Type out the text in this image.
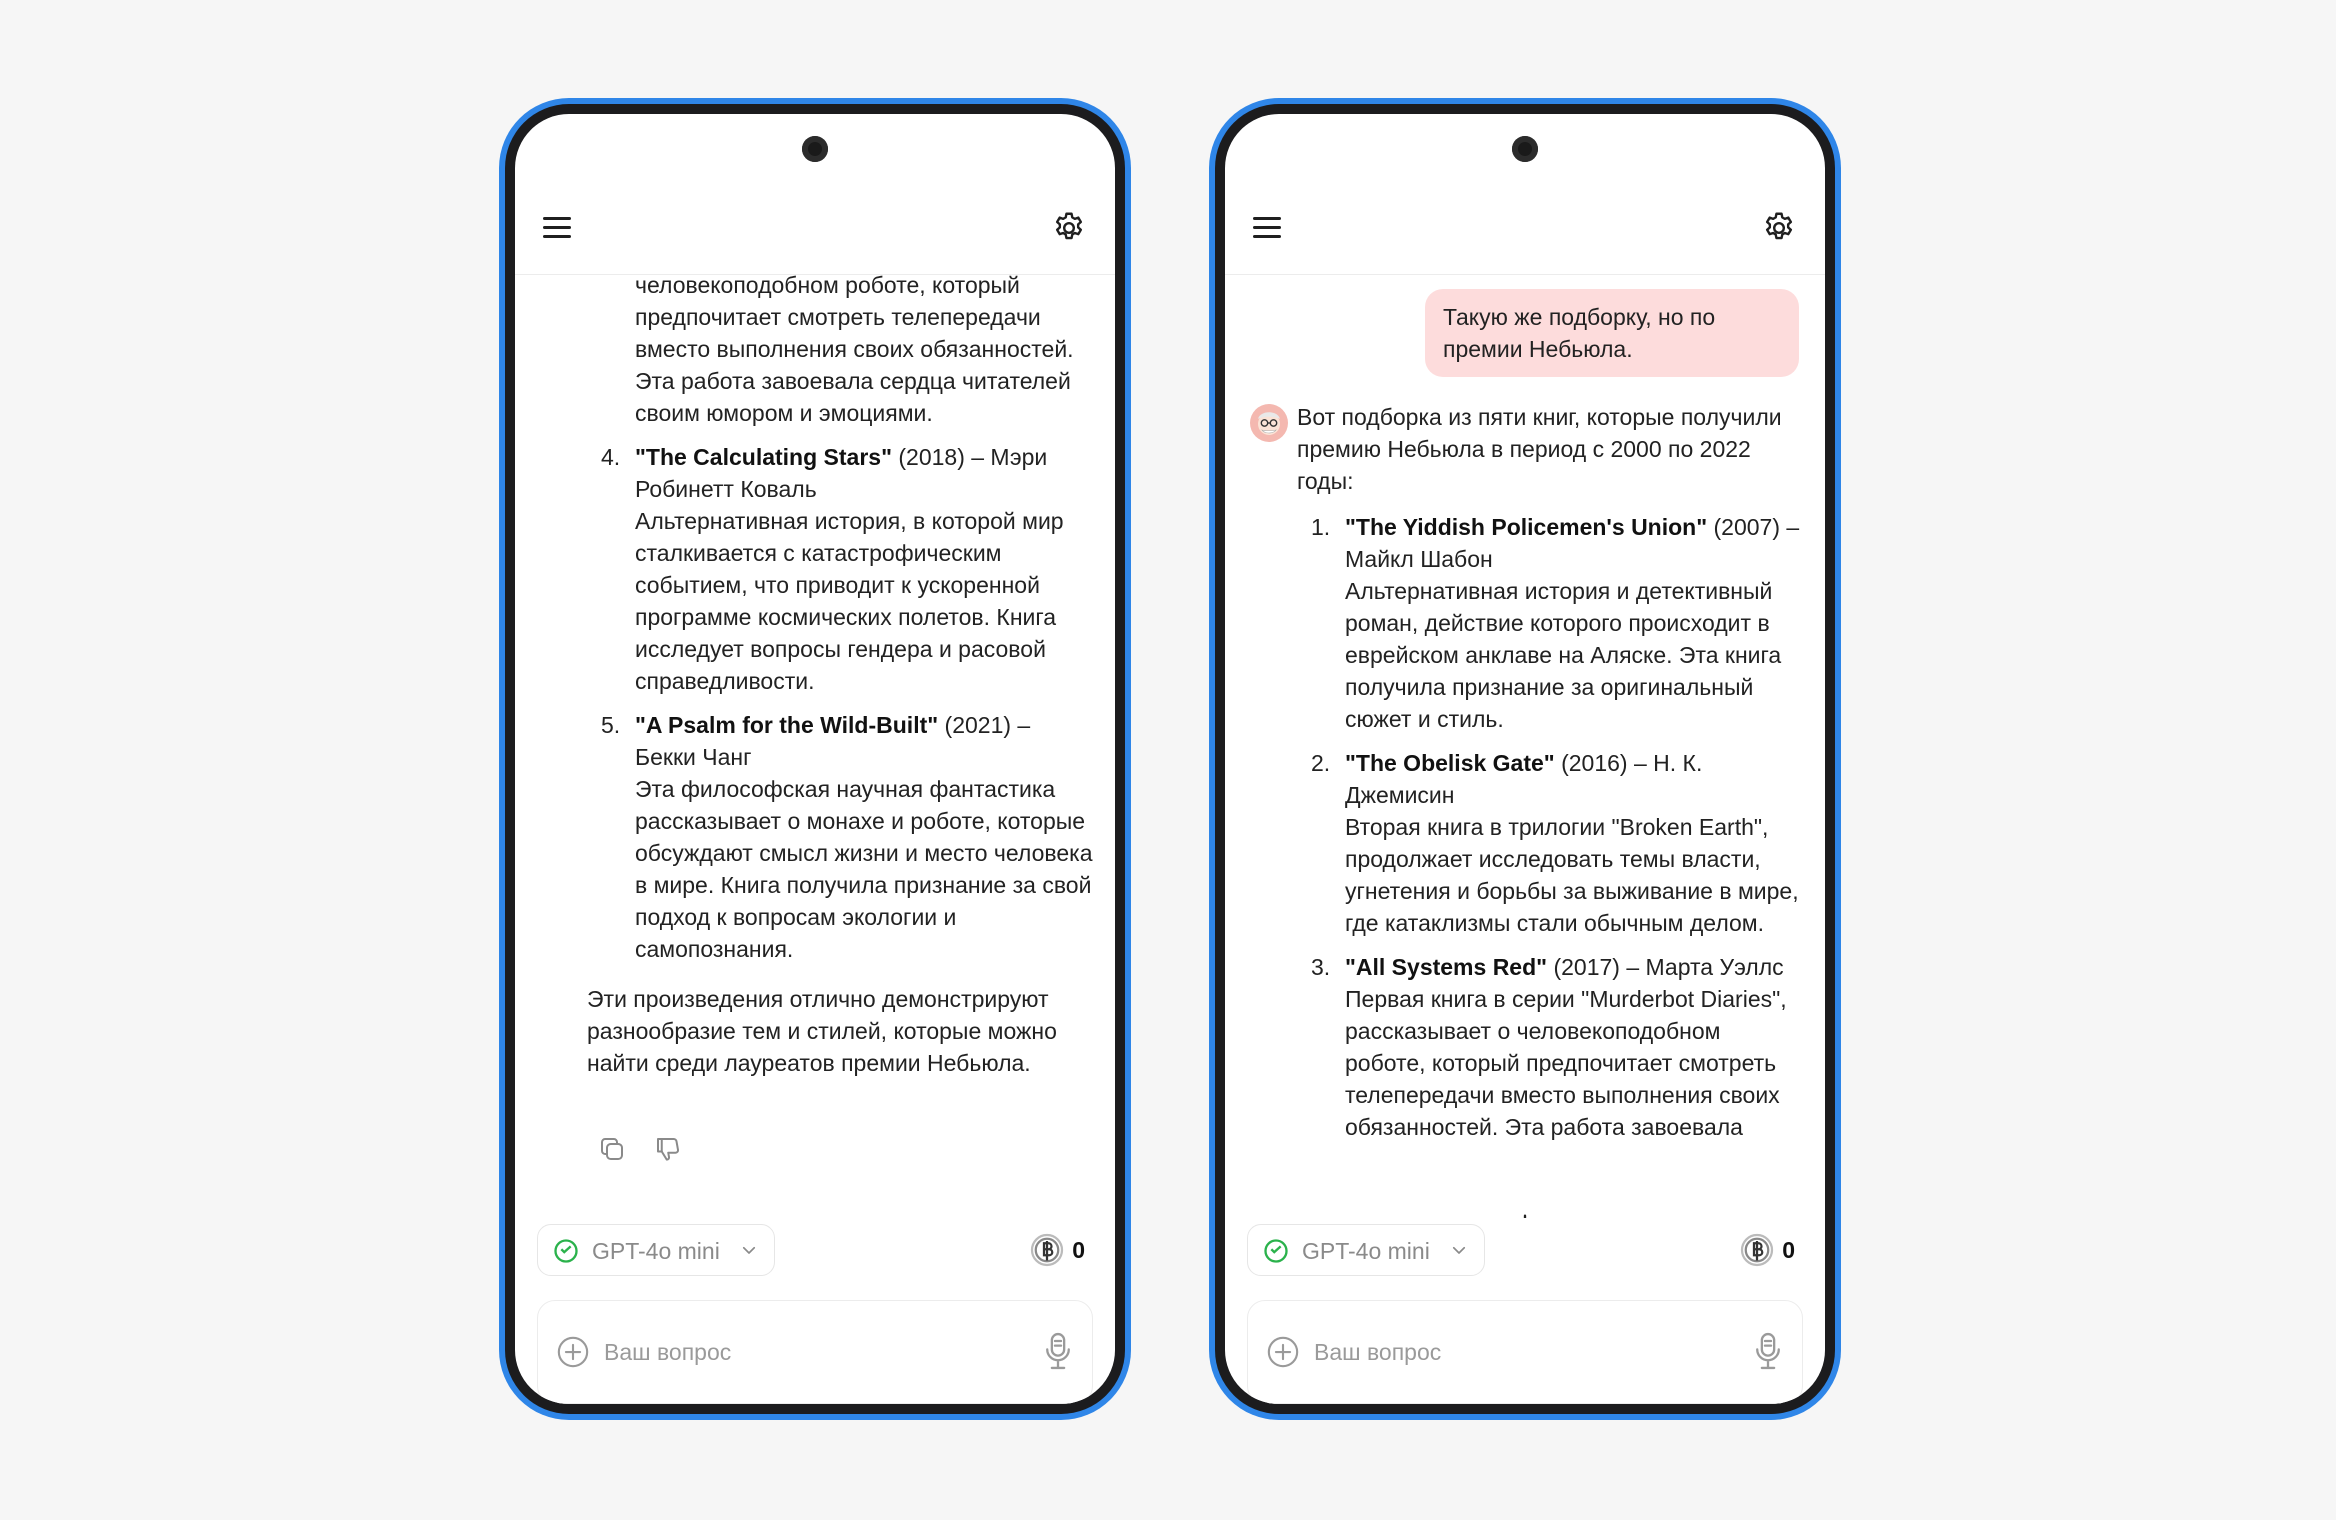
человекоподобном роботе, который предпочитает смотреть телепередачи вместо выполнения своих обязанностей. Эта работа завоевала сердца читателей своим юмором и эмоциями.

4. "The Calculating Stars" (2018) – Мэри Робинетт Коваль

Альтернативная история, в которой мир сталкивается с катастрофическим событием, что приводит к ускоренной программе космических полетов. Книга исследует вопросы гендера и расовой справедливости.

5. "A Psalm for the Wild-Built" (2021) – Бекки Чанг

Эта философская научная фантастика рассказывает о монахе и роботе, которые обсуждают смысл жизни и место человека в мире. Книга получила признание за свой подход к вопросам экологии и самопознания.

Эти произведения отлично демонстрируют разнообразие тем и стилей, которые можно найти среди лауреатов премии Небьюла.

GPT-4o mini	0
Ваш вопрос

Такую же подборку, но по премии Небьюла.

Вот подборка из пяти книг, которые получили премию Небьюла в период с 2000 по 2022 годы:

1. "The Yiddish Policemen's Union" (2007) – Майкл Шабон

Альтернативная история и детективный роман, действие которого происходит в еврейском анклаве на Аляске. Эта книга получила признание за оригинальный сюжет и стиль.

2. "The Obelisk Gate" (2016) – Н. К. Джемисин

Вторая книга в трилогии "Broken Earth", продолжает исследовать темы власти, угнетения и борьбы за выживание в мире, где катаклизмы стали обычным делом.

3. "All Systems Red" (2017) – Марта Уэллс

Первая книга в серии "Murderbot Diaries", рассказывает о человекоподобном роботе, который предпочитает смотреть телепередачи вместо выполнения своих обязанностей. Эта работа завоевала

GPT-4o mini	0
Ваш вопрос
